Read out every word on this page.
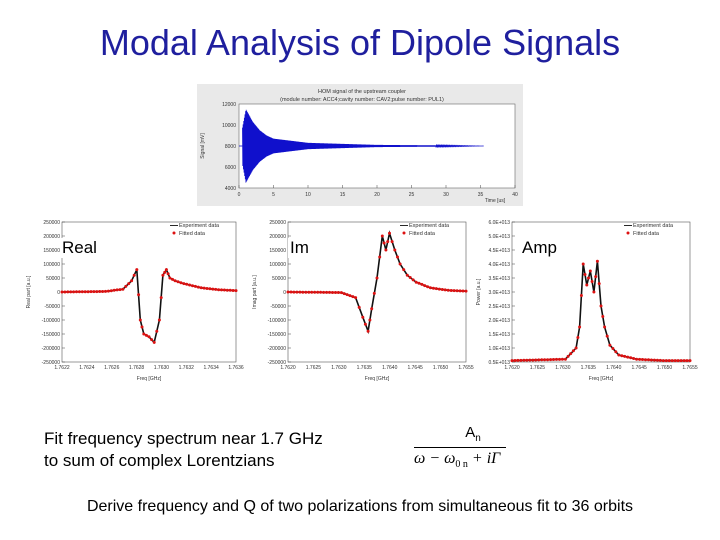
Modal Analysis of Dipole Signals
HOM signal of the upstream coupler
(module number: ACC4;cavity number: CAV2;pulse number: PUL1)
0	5	10	15	20	25	30	35	40
4000
6000
8000
10000
12000
Time [us]
Signal [mV]
250000
200000
150000
100000
50000
0
-50000
-100000
-150000
-200000
-250000
1.7622 1.7624 1.7626 1.7628 1.7630 1.7632 1.7634 1.7636
Freq [GHz]
Real part [a.u.]
Experiment data
Fitted data
250000
200000
150000
100000
50000
0
-50000
-100000
-150000
-200000
-250000
1.7620 1.7625 1.7630 1.7635 1.7640 1.7645 1.7650 1.7655
Freq [GHz]
Imag part [a.u.]
Experiment data
Fitted data
6.0E+013
5.0E+013
4.5E+013
4.0E+013
3.5E+013
3.0E+013
2.5E+013
2.0E+013
1.5E+013
1.0E+013
0.5E+013
1.7620 1.7625 1.7630 1.7635 1.7640 1.7645 1.7650 1.7655
Freq [GHz]
Power [a.u.]
Experiment data
Fitted data
Real	Im	Amp
Fit frequency spectrum near 1.7 GHz
to sum of complex Lorentzians
$A_n$
$\omega - \omega_{0 n} + i\Gamma$
Derive frequency and Q of two polarizations from simultaneous fit to 36 orbits
